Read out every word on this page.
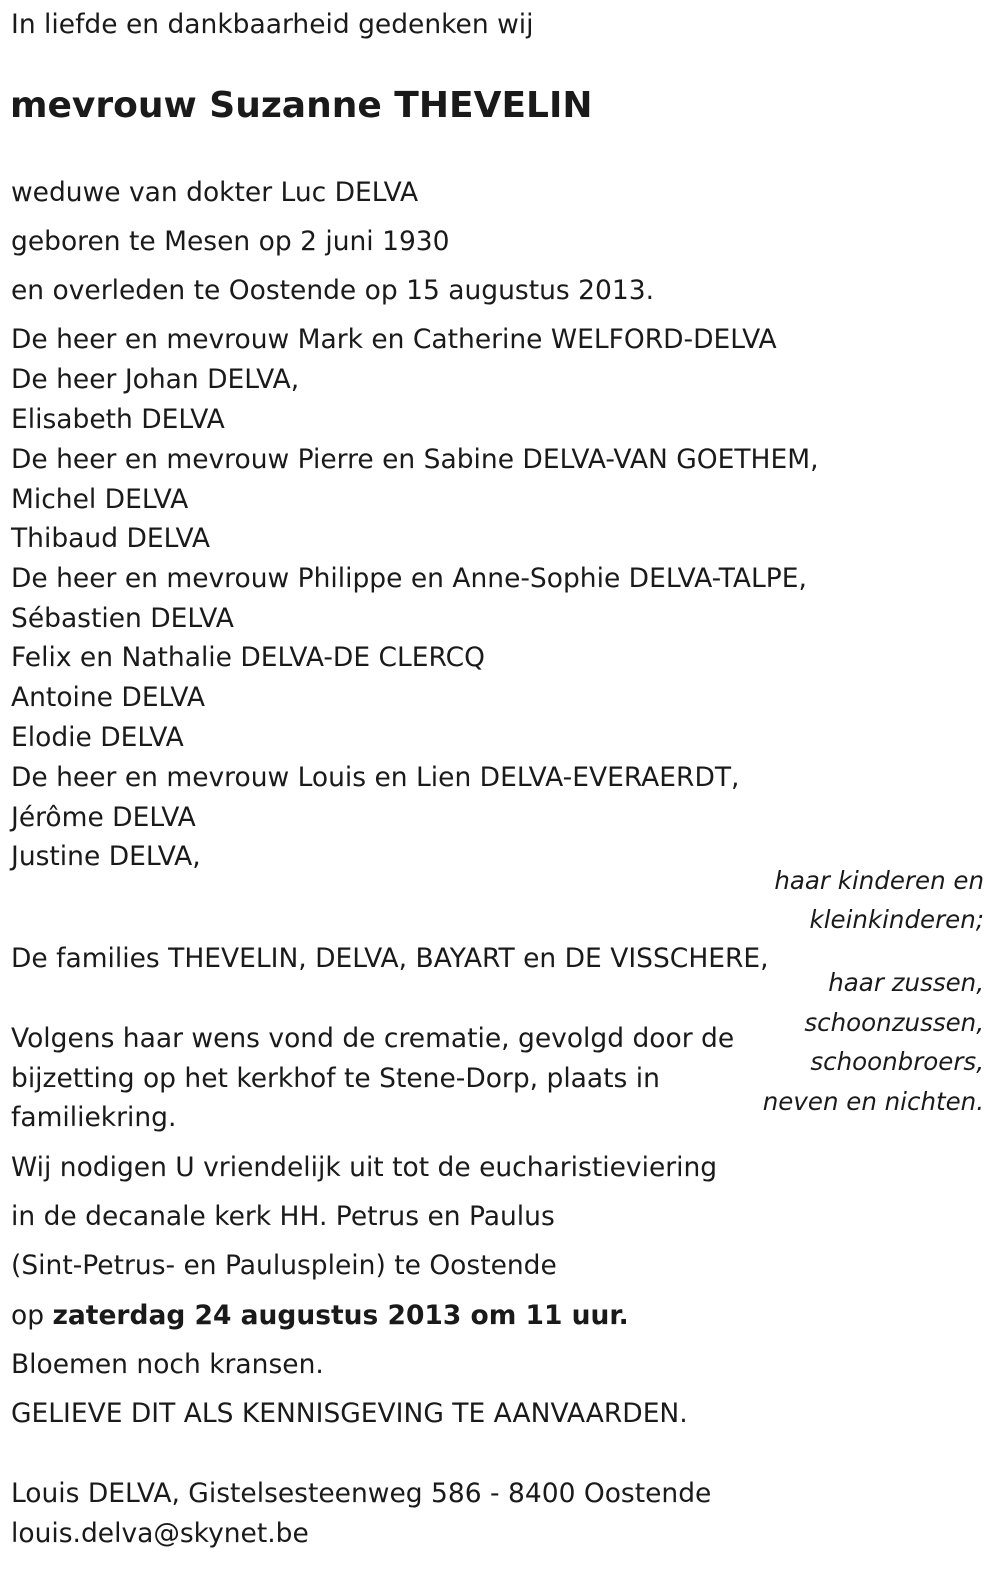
In liefde en dankbaarheid gedenken wij
mevrouw Suzanne THEVELIN
weduwe van dokter Luc DELVA
geboren te Mesen op 2 juni 1930
en overleden te Oostende op 15 augustus 2013.
De heer en mevrouw Mark en Catherine WELFORD-DELVA
De heer Johan DELVA,
Elisabeth DELVA
De heer en mevrouw Pierre en Sabine DELVA-VAN GOETHEM,
Michel DELVA
Thibaud DELVA
De heer en mevrouw Philippe en Anne-Sophie DELVA-TALPE,
Sébastien DELVA
Felix en Nathalie DELVA-DE CLERCQ
Antoine DELVA
Elodie DELVA
De heer en mevrouw Louis en Lien DELVA-EVERAERDT,
Jérôme DELVA
Justine DELVA,
haar kinderen en
kleinkinderen;
De families THEVELIN, DELVA, BAYART en DE VISSCHERE,
haar zussen,
schoonzussen,
schoonbroers,
neven en nichten.
Volgens haar wens vond de crematie, gevolgd door de
bijzetting op het kerkhof te Stene-Dorp, plaats in
familiekring.
Wij nodigen U vriendelijk uit tot de eucharistieviering
in de decanale kerk HH. Petrus en Paulus
(Sint-Petrus- en Paulusplein) te Oostende
op zaterdag 24 augustus 2013 om 11 uur.
Bloemen noch kransen.
GELIEVE DIT ALS KENNISGEVING TE AANVAARDEN.
Louis DELVA, Gistelsesteenweg 586 - 8400 Oostende
louis.delva@skynet.be
